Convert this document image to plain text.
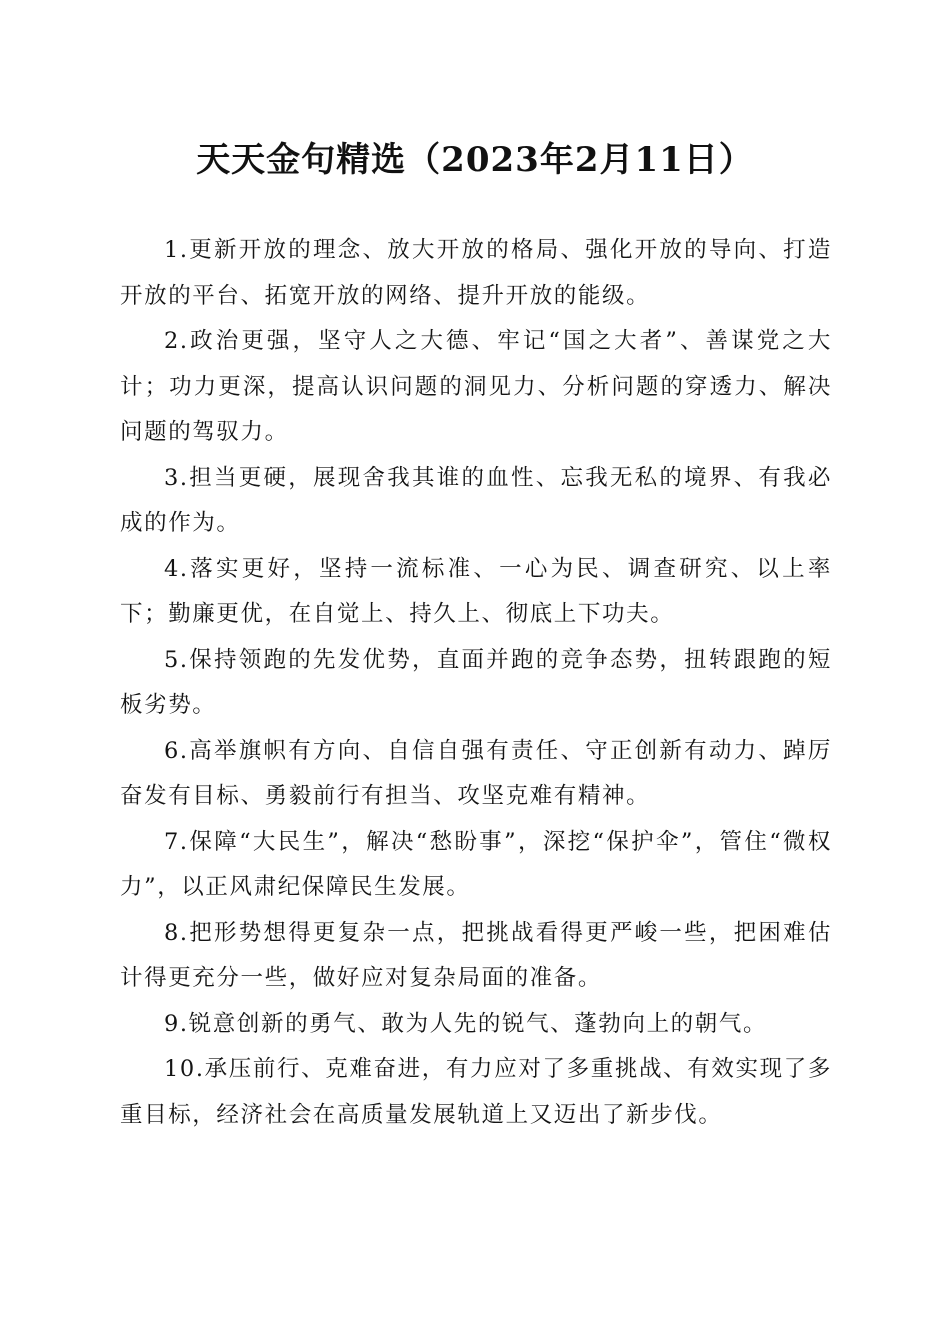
天天金句精选（2023年2月11日）

1.更新开放的理念、放大开放的格局、强化开放的导向、打造开放的平台、拓宽开放的网络、提升开放的能级。

2.政治更强，坚守人之大德、牢记“国之大者”、善谋党之大计；功力更深，提高认识问题的洞见力、分析问题的穿透力、解决问题的驾驭力。

3.担当更硬，展现舍我其谁的血性、忘我无私的境界、有我必成的作为。

4.落实更好，坚持一流标准、一心为民、调查研究、以上率下；勤廉更优，在自觉上、持久上、彻底上下功夫。

5.保持领跑的先发优势，直面并跑的竞争态势，扭转跟跑的短板劣势。

6.高举旗帜有方向、自信自强有责任、守正创新有动力、踔厉奋发有目标、勇毅前行有担当、攻坚克难有精神。

7.保障“大民生”，解决“愁盼事”，深挖“保护伞”，管住“微权力”，以正风肃纪保障民生发展。

8.把形势想得更复杂一点，把挑战看得更严峻一些，把困难估计得更充分一些，做好应对复杂局面的准备。

9.锐意创新的勇气、敢为人先的锐气、蓬勃向上的朝气。

10.承压前行、克难奋进，有力应对了多重挑战、有效实现了多重目标，经济社会在高质量发展轨道上又迈出了新步伐。
